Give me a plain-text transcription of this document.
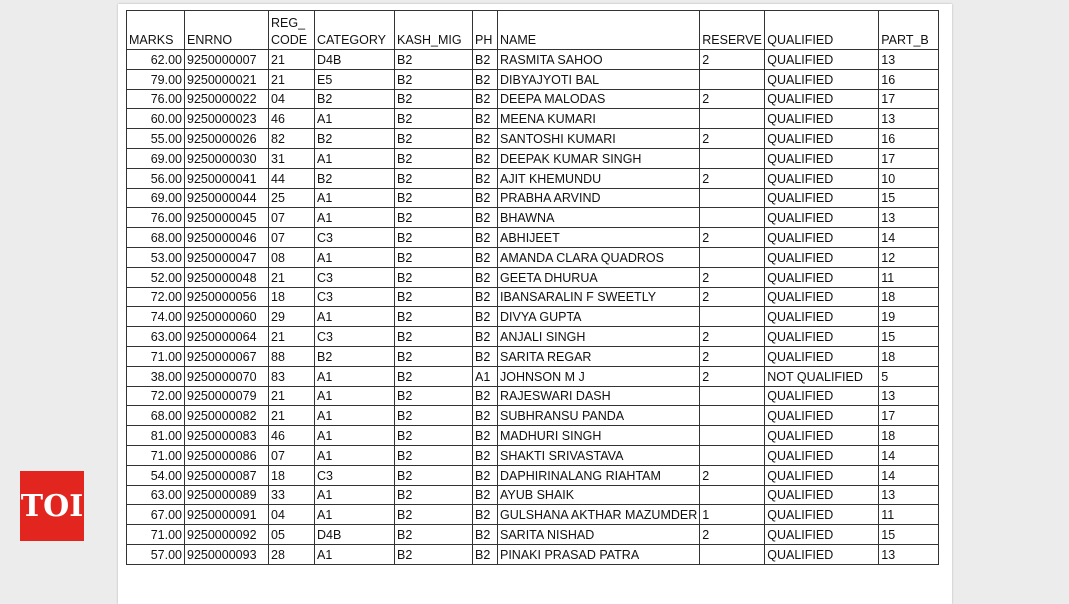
MARKS	ENRNO	REG_CODE	CATEGORY	KASH_MIG	PH	NAME	RESERVE	QUALIFIED	PART_B
62.00	9250000007	21	D4B	B2	B2	RASMITA SAHOO	2	QUALIFIED	13
79.00	9250000021	21	E5	B2	B2	DIBYAJYOTI BAL		QUALIFIED	16
76.00	9250000022	04	B2	B2	B2	DEEPA MALODAS	2	QUALIFIED	17
60.00	9250000023	46	A1	B2	B2	MEENA KUMARI		QUALIFIED	13
55.00	9250000026	82	B2	B2	B2	SANTOSHI KUMARI	2	QUALIFIED	16
69.00	9250000030	31	A1	B2	B2	DEEPAK KUMAR SINGH		QUALIFIED	17
56.00	9250000041	44	B2	B2	B2	AJIT KHEMUNDU	2	QUALIFIED	10
69.00	9250000044	25	A1	B2	B2	PRABHA ARVIND		QUALIFIED	15
76.00	9250000045	07	A1	B2	B2	BHAWNA		QUALIFIED	13
68.00	9250000046	07	C3	B2	B2	ABHIJEET	2	QUALIFIED	14
53.00	9250000047	08	A1	B2	B2	AMANDA CLARA QUADROS		QUALIFIED	12
52.00	9250000048	21	C3	B2	B2	GEETA DHURUA	2	QUALIFIED	11
72.00	9250000056	18	C3	B2	B2	IBANSARALIN F SWEETLY	2	QUALIFIED	18
74.00	9250000060	29	A1	B2	B2	DIVYA GUPTA		QUALIFIED	19
63.00	9250000064	21	C3	B2	B2	ANJALI SINGH	2	QUALIFIED	15
71.00	9250000067	88	B2	B2	B2	SARITA REGAR	2	QUALIFIED	18
38.00	9250000070	83	A1	B2	A1	JOHNSON M J	2	NOT QUALIFIED	5
72.00	9250000079	21	A1	B2	B2	RAJESWARI DASH		QUALIFIED	13
68.00	9250000082	21	A1	B2	B2	SUBHRANSU PANDA		QUALIFIED	17
81.00	9250000083	46	A1	B2	B2	MADHURI SINGH		QUALIFIED	18
71.00	9250000086	07	A1	B2	B2	SHAKTI SRIVASTAVA		QUALIFIED	14
54.00	9250000087	18	C3	B2	B2	DAPHIRINALANG RIAHTAM	2	QUALIFIED	14
63.00	9250000089	33	A1	B2	B2	AYUB SHAIK		QUALIFIED	13
67.00	9250000091	04	A1	B2	B2	GULSHANA AKTHAR MAZUMDER	1	QUALIFIED	11
71.00	9250000092	05	D4B	B2	B2	SARITA NISHAD	2	QUALIFIED	15
57.00	9250000093	28	A1	B2	B2	PINAKI PRASAD PATRA		QUALIFIED	13
TOI
